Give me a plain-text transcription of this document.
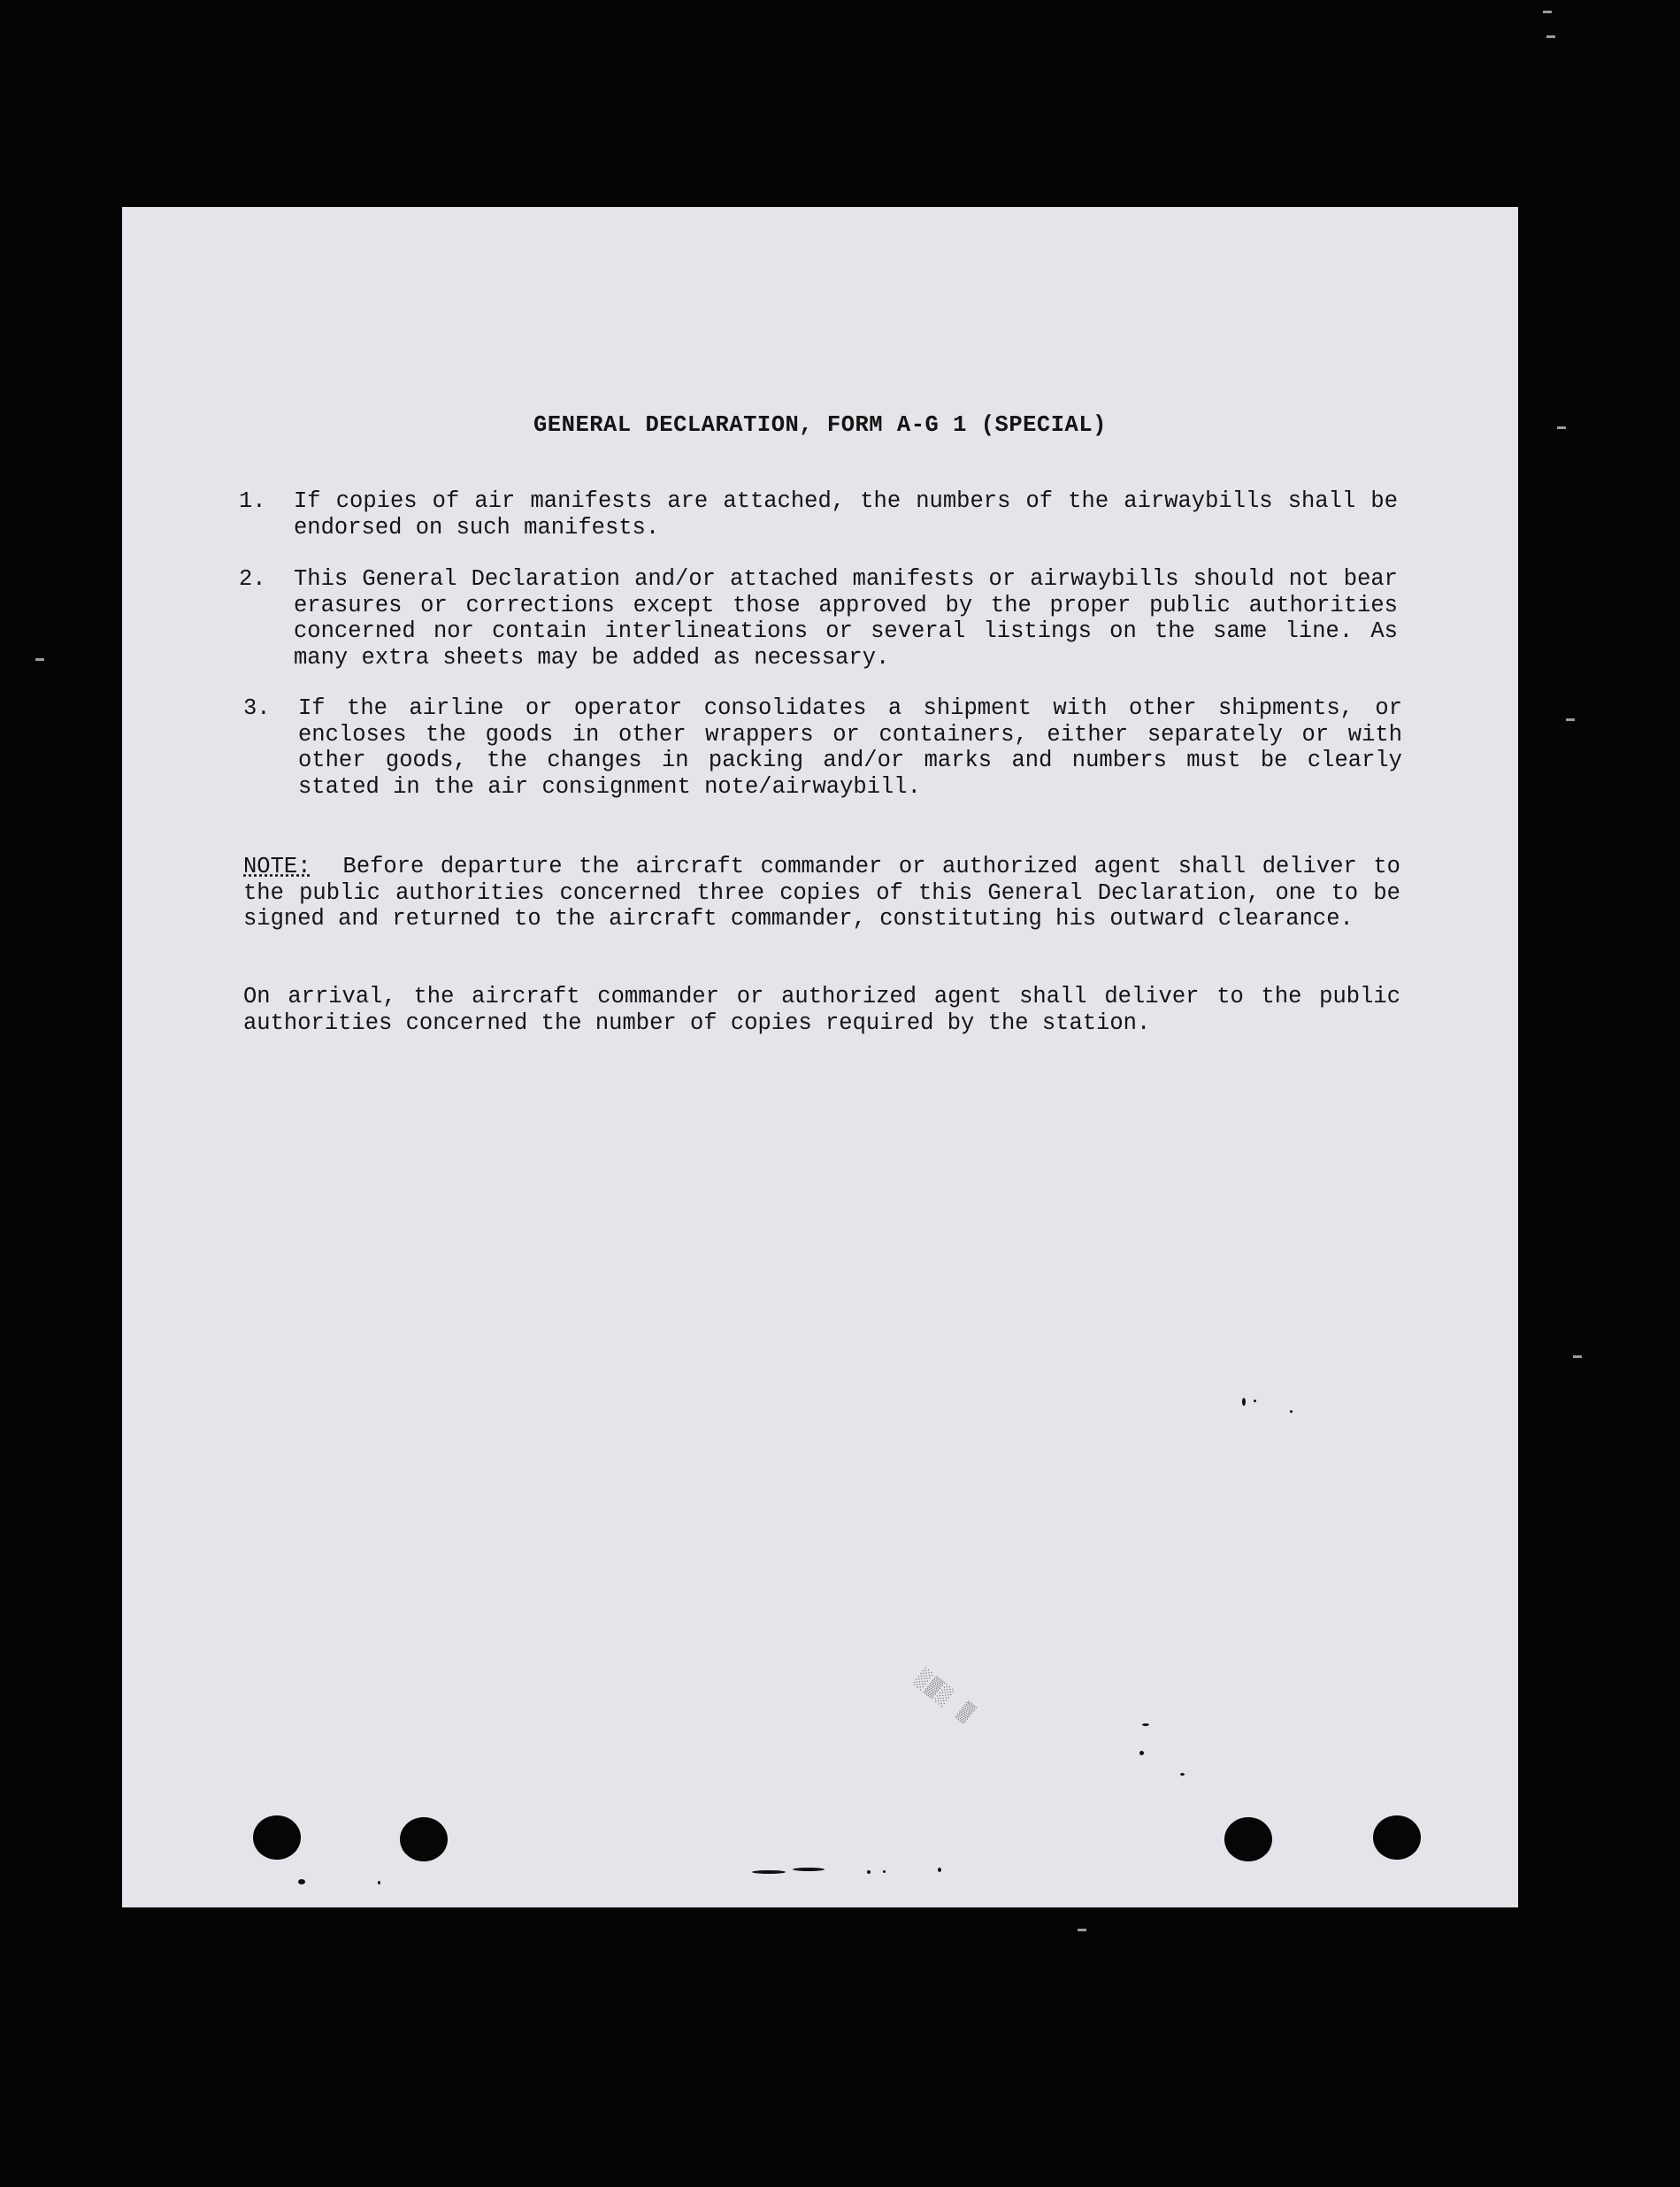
GENERAL DECLARATION, FORM A-G 1 (SPECIAL)
1.	If copies of air manifests are attached, the numbers of the airwaybills shall be endorsed on such manifests.
2.	This General Declaration and/or attached manifests or airwaybills should not bear erasures or corrections except those approved by the proper public authorities concerned nor contain interlineations or several listings on the same line. As many extra sheets may be added as necessary.
3.	If the airline or operator consolidates a shipment with other shipments, or encloses the goods in other wrappers or containers, either separately or with other goods, the changes in packing and/or marks and numbers must be clearly stated in the air consignment note/airwaybill.
NOTE: Before departure the aircraft commander or authorized agent shall deliver to the public authorities concerned three copies of this General Declaration, one to be signed and returned to the aircraft commander, constituting his outward clearance.
On arrival, the aircraft commander or authorized agent shall deliver to the public authorities concerned the number of copies required by the station.
░▒░ ▒
